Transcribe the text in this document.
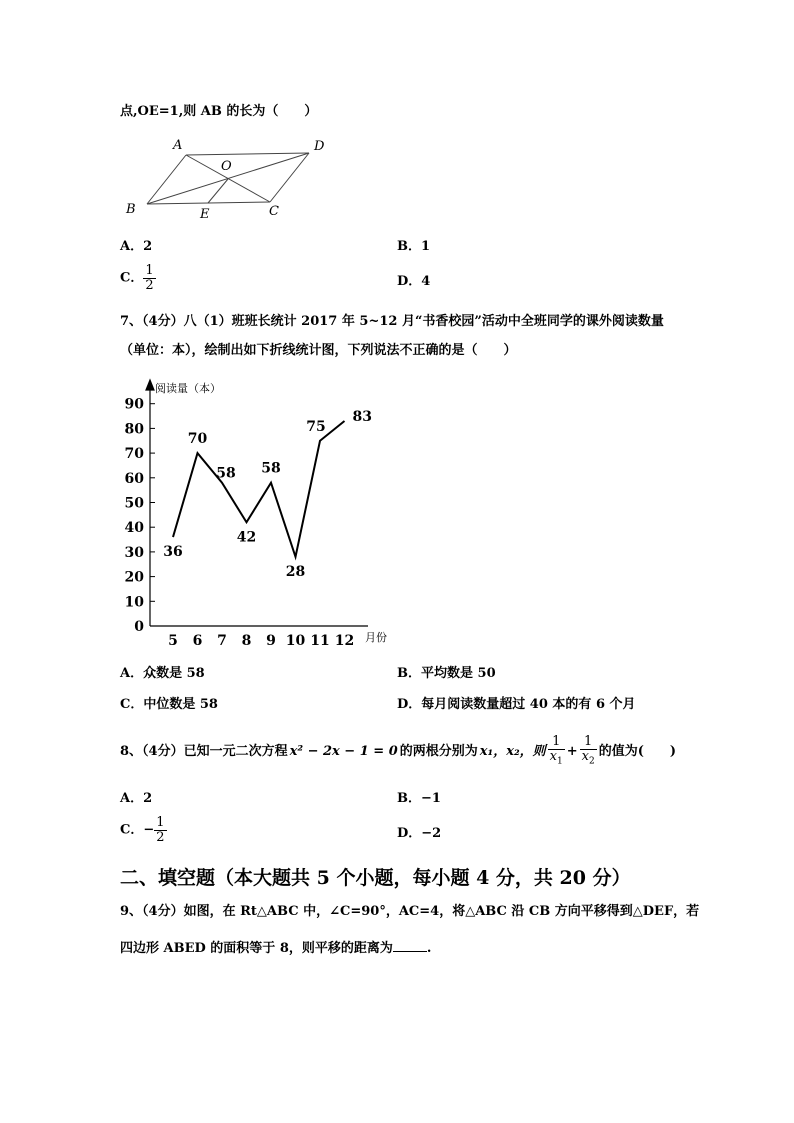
点,OE=1,则 AB 的长为（　　）
A	D
O
B	E	C
A．2	B．1
C． $\frac{1}{2}$	D．4
7、（4分）八（1）班班长统计 2017 年 5~12 月“书香校园”活动中全班同学的课外阅读数量
（单位：本），绘制出如下折线统计图，下列说法不正确的是（　　）
阅读量（本）
月份
0
10
20
30
40
50
60
70
80
90
5 6 7 8 9 10 11 12
36
70
58
42
58
28
75
83
A．众数是 58	B．平均数是 50
C．中位数是 58	D．每月阅读数量超过 40 本的有 6 个月
8、（4分）已知一元二次方程 x² − 2x − 1 = 0 的两根分别为 x₁，x₂，则 $\frac{1}{x_1} + \frac{1}{x_2}$ 的值为(　　)
A．2	B．−1
C．− $\frac{1}{2}$	D．−2
二、填空题（本大题共 5 个小题，每小题 4 分，共 20 分）
9、（4分）如图，在 Rt△ABC 中，∠C=90°，AC=4，将△ABC 沿 CB 方向平移得到△DEF，若
四边形 ABED 的面积等于 8，则平移的距离为	.
